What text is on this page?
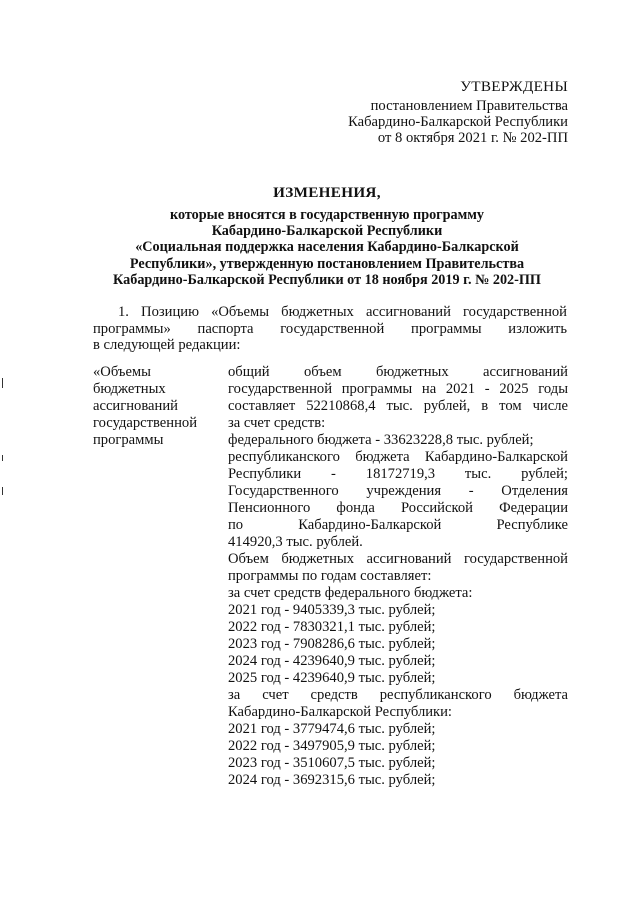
УТВЕРЖДЕНЫ
постановлением Правительства
Кабардино-Балкарской Республики
от 8 октября 2021 г. № 202-ПП
ИЗМЕНЕНИЯ,
которые вносятся в государственную программу
Кабардино-Балкарской Республики
«Социальная поддержка населения Кабардино-Балкарской
Республики», утвержденную постановлением Правительства
Кабардино-Балкарской Республики от 18 ноября 2019 г. № 202-ПП
1. Позицию «Объемы бюджетных ассигнований государственной
программы» паспорта государственной программы изложить
в следующей редакции:
«Объемы
бюджетных
ассигнований
государственной
программы
общий объем бюджетных ассигнований
государственной программы на 2021 - 2025 годы
составляет 52210868,4 тыс. рублей, в том числе
за счет средств:
федерального бюджета - 33623228,8 тыс. рублей;
республиканского бюджета Кабардино-Балкарской
Республики - 18172719,3 тыс. рублей;
Государственного учреждения - Отделения
Пенсионного фонда Российской Федерации
по Кабардино-Балкарской Республике
414920,3 тыс. рублей.
Объем бюджетных ассигнований государственной
программы по годам составляет:
за счет средств федерального бюджета:
2021 год - 9405339,3 тыс. рублей;
2022 год - 7830321,1 тыс. рублей;
2023 год - 7908286,6 тыс. рублей;
2024 год - 4239640,9 тыс. рублей;
2025 год - 4239640,9 тыс. рублей;
за счет средств республиканского бюджета
Кабардино-Балкарской Республики:
2021 год - 3779474,6 тыс. рублей;
2022 год - 3497905,9 тыс. рублей;
2023 год - 3510607,5 тыс. рублей;
2024 год - 3692315,6 тыс. рублей;
